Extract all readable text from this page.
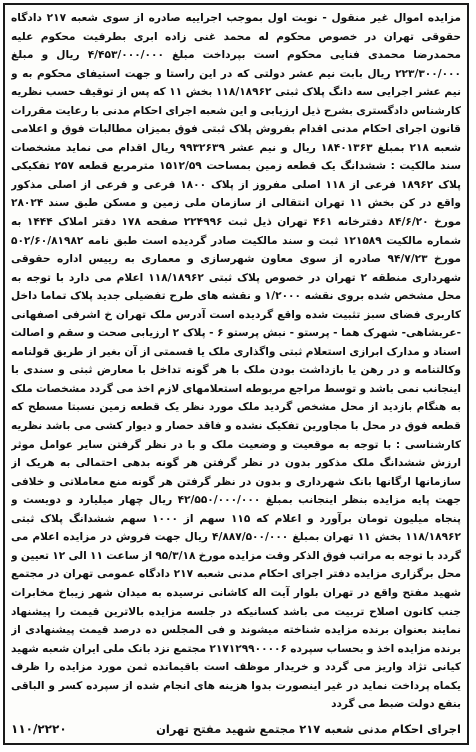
مزایده اموال غیر منقول - نوبت اول بموجب اجراییه صادره از سوی شعبه ۲۱۷ دادگاه حقوقی تهران در خصوص محکوم له محمد غنی زاده ابری بطرفیت محکوم علیه محمدرضا محمدی فنایی محکوم است بپرداخت مبلغ ۴/۴۵۳/۰۰۰/۰۰۰ ریال و مبلغ ۲۲۳/۳۰۰/۰۰۰ ریال بابت نیم عشر دولتی که در این راستا و جهت استیفای محکوم به و نیم عشر اجرایی سه دانگ پلاک ثبتی ۱۱۸/۱۸۹۶۲ بخش ۱۱ که پس از توقیف حسب نظریه کارشناس دادگستری بشرح ذیل ارزیابی و این شعبه اجرای احکام مدنی با رعایت مقررات قانون اجرای احکام مدنی اقدام بفروش پلاک ثبتی فوق بمیزان مطالبات فوق و اعلامی شعبه ۲۱۸ بمبلغ ۱۸۴۰۱۳۶۳ ریال و نیم عشر ۹۹۳۲۶۳۹ ریال اقدام می نماید مشخصات سند مالکیت : ششدانگ یک قطعه زمین بمساحت ۱۵۱۲/۵۹ مترمربع قطعه ۲۵۷ تفکیکی پلاک ۱۸۹۶۲ فرعی از ۱۱۸ اصلی مفروز از پلاک ۱۸۰۰ فرعی و فرعی از اصلی مذکور واقع در کن بخش ۱۱ تهران انتقالی از سازمان ملی زمین و مسکن طبق سند ۲۸۰۲۴ مورخ ۸۴/۶/۲۰ دفترخانه ۴۶۱ تهران ذیل ثبت ۲۲۴۹۹۶ صفحه ۱۷۸ دفتر املاک ۱۴۴۴ به شماره مالکیت ۱۲۱۵۸۹ ثبت و سند مالکیت صادر گردیده است طبق نامه ۵۰۲/۶۰/۸۱۹۸۲ مورخ ۹۴/۷/۲۳ صادره از سوی معاون شهرسازی و معماری به رییس اداره حقوقی شهرداری منطقه ۲ تهران در خصوص پلاک ثبتی ۱۱۸/۱۸۹۶۲ اعلام می دارد با توجه به محل مشخص شده بروی نقشه ۱/۲۰۰۰ و نقشه های طرح تفضیلی جدید پلاک تماما داخل کاربری فضای سبز تثبیت شده واقع گردیده است آدرس ملک تهران خ اشرفی اصفهانی -عربشاهی- شهرک هما - پرستو - نبش پرستو ۶ - پلاک ۲ ارزیابی صحت و سقم و اصالت اسناد و مدارک ابرازی استعلام ثبتی واگذاری ملک یا قسمتی از آن بغیر از طریق قولنامه وکالتنامه و در رهن یا بازداشت بودن ملک با هر گونه تداخل با معارض ثبتی و سندی با اینجانب نمی باشد و توسط مراجع مربوطه استعلامهای لازم اخذ می گردد مشخصات ملک به هنگام بازدید از محل مشخص گردید ملک مورد نظر یک قطعه زمین نسبتا مسطح که قطعه فوق در محل با مجاورین تفکیک نشده و فاقد حصار و دیوار کشی می باشد نظریه کارشناسی : با توجه به موقعیت و وضعیت ملک و با در نظر گرفتن سایر عوامل موثر ارزش ششدانگ ملک مذکور بدون در نظر گرفتن هر گونه بدهی احتمالی به هریک از سازمانها ارگانها بانک شهرداری و بدون در نظر گرفتن هر گونه منع معاملاتی و خلافی جهت پایه مزایده بنظر اینجانب بمبلغ ۴۲/۵۵۰/۰۰۰/۰۰۰ ریال چهار میلیارد و دویست و پنجاه میلیون تومان برآورد و اعلام که ۱۱۵ سهم از ۱۰۰۰ سهم ششدانگ پلاک ثبتی ۱۱۸/۱۸۹۶۲ بخش ۱۱ تهران بمبلغ ۴/۸۸۷/۵۰۰/۰۰۰ ریال جهت فروش در مزایده اعلام می گردد با توجه به مراتب فوق الذکر وقت مزایده مورخ ۹۵/۳/۱۸ از ساعت ۱۱ الی ۱۲ تعیین و محل برگزاری مزایده دفتر اجرای احکام مدنی شعبه ۲۱۷ دادگاه عمومی تهران در مجتمع شهید مفتح واقع در تهران بلوار آیت اله کاشانی نرسیده به میدان شهر زیباخ مخابرات جنب کانون اصلاح تربیت می باشد کسانیکه در جلسه مزایده بالاترین قیمت را پیشنهاد نمایند بعنوان برنده مزایده شناخته میشوند و فی المجلس ده درصد قیمت پیشنهادی از برنده مزایده اخذ و بحساب سپرده ۲۱۷۱۲۹۹۰۰۰۰۶ مجتمع نزد بانک ملی ایران شعبه شهید کیانی تژاد واریز می گردد و خریدار موظف است باقیمانده ثمن مورد مزایده را ظرف یکماه پرداخت نماید در غیر اینصورت بدوا هزینه های انجام شده از سپرده کسر و الباقی بنفع دولت ضبط می گردد
اجرای احکام مدنی شعبه ۲۱۷ مجتمع شهید مفتح تهران
۱۱۰/۲۲۲۰
